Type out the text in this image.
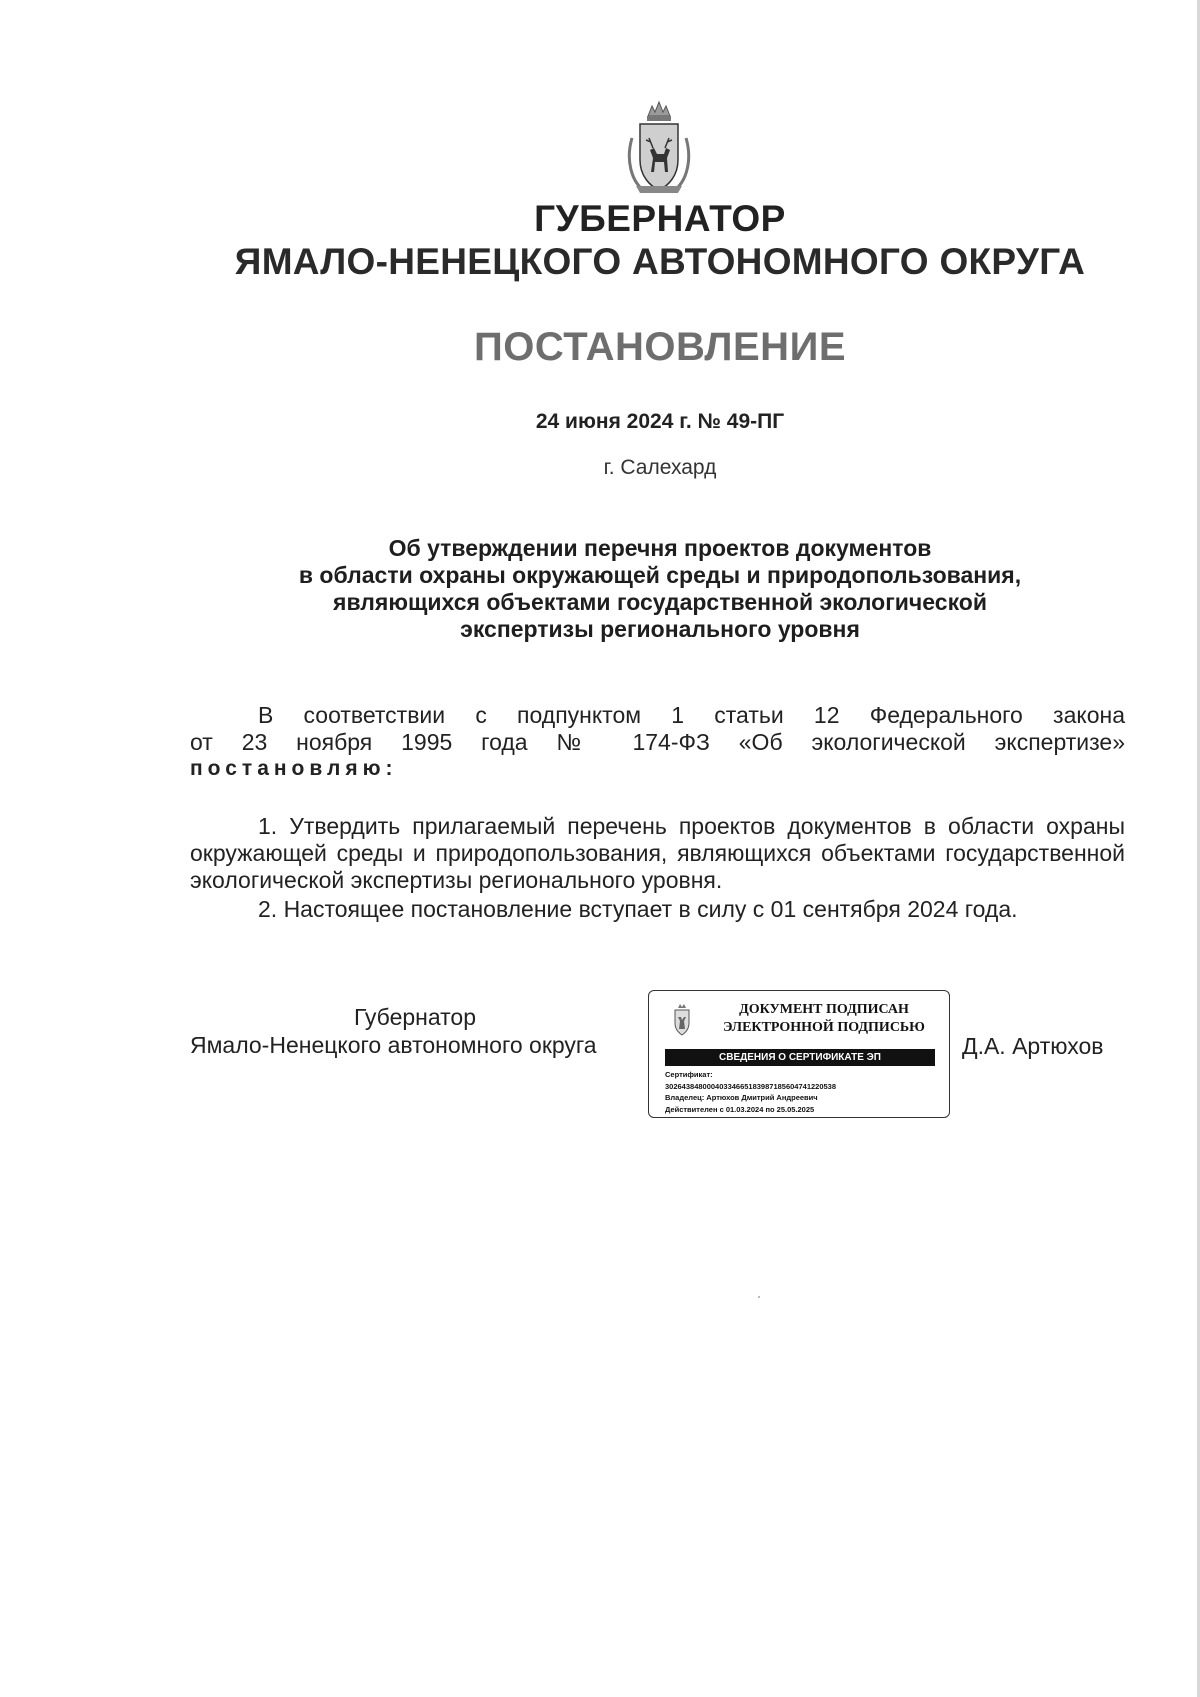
ГУБЕРНАТОР
ЯМАЛО-НЕНЕЦКОГО АВТОНОМНОГО ОКРУГА
ПОСТАНОВЛЕНИЕ
24 июня 2024 г. № 49-ПГ
г. Салехард
Об утверждении перечня проектов документов
в области охраны окружающей среды и природопользования,
являющихся объектами государственной экологической
экспертизы регионального уровня
В соответствии с подпунктом 1 статьи 12 Федерального закона
от 23 ноября 1995 года № 174-ФЗ «Об экологической экспертизе»
постановляю:
1. Утвердить прилагаемый перечень проектов документов в области охраны окружающей среды и природопользования, являющихся объектами государственной экологической экспертизы регионального уровня.
2. Настоящее постановление вступает в силу с 01 сентября 2024 года.
Губернатор
Ямало-Ненецкого автономного округа
ДОКУМЕНТ ПОДПИСАН
ЭЛЕКТРОННОЙ ПОДПИСЬЮ
СВЕДЕНИЯ О СЕРТИФИКАТЕ ЭП
Сертификат:
30264384800040334665183987185604741220538
Владелец: Артюхов Дмитрий Андреевич
Действителен с 01.03.2024 по 25.05.2025
Д.А. Артюхов
